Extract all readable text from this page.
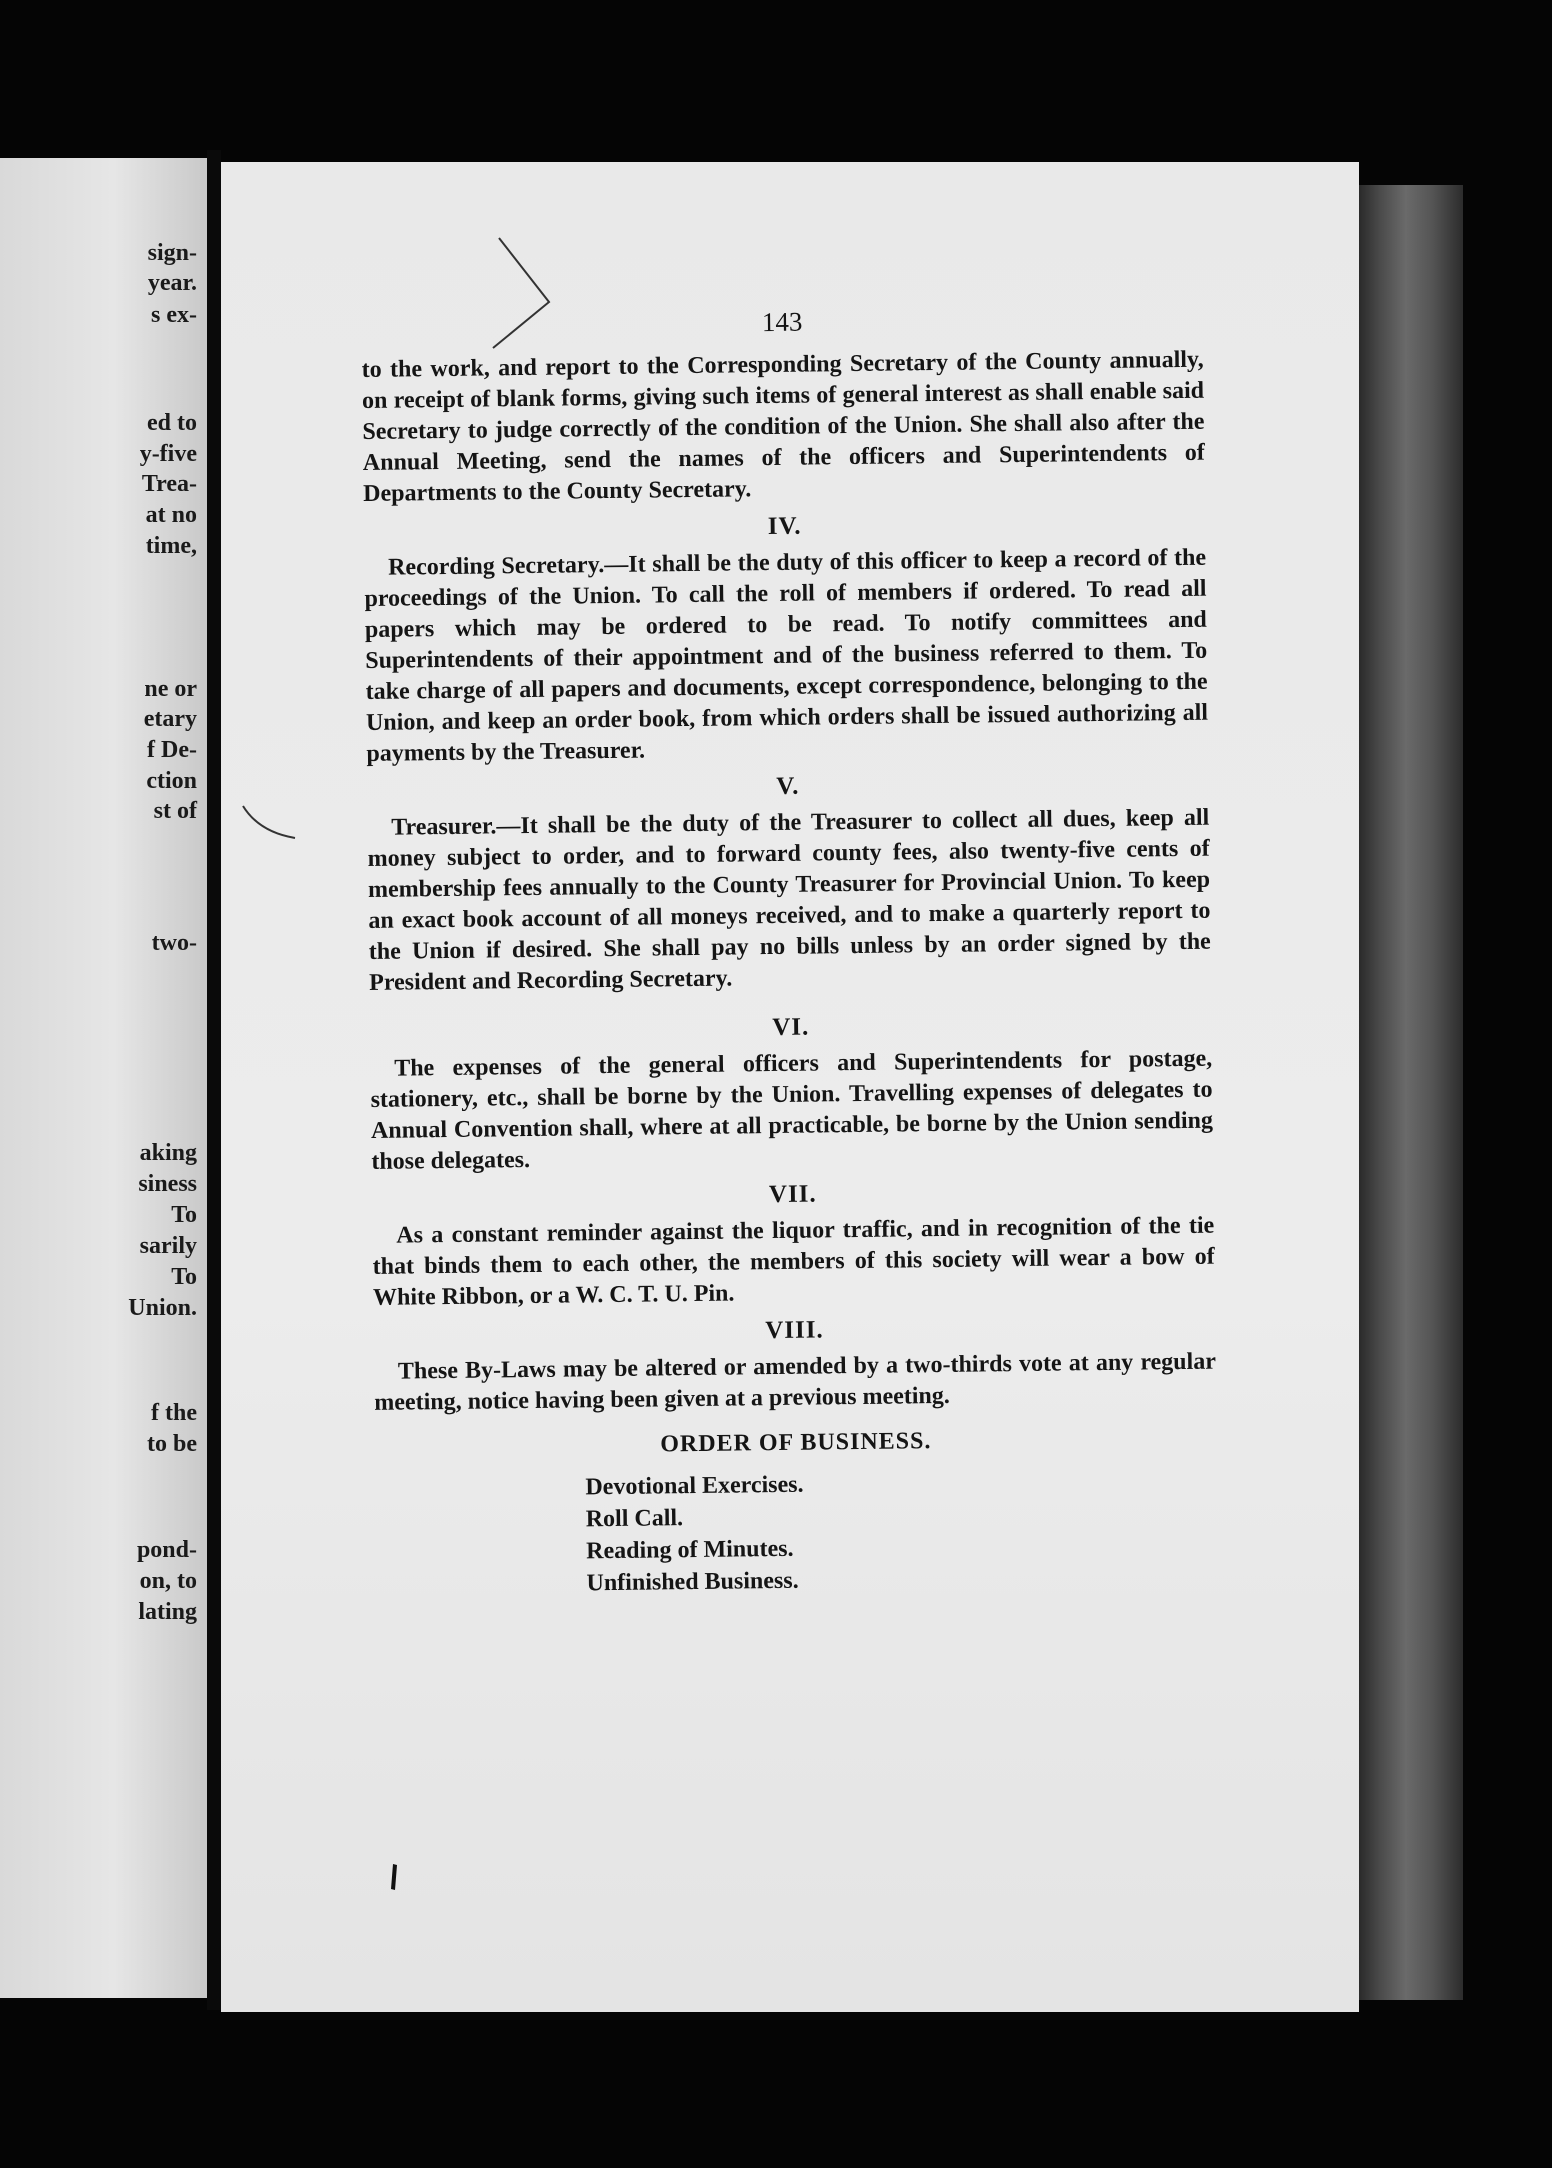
sign-
year.
s ex-
ed to
y-five
Trea-
at no
time,
ne or
etary
f De-
ction
st of
two-
aking
siness
To
sarily
To
Union.
f the
to be
pond-
on, to
lating
143

to the work, and report to the Corresponding Secretary of the County annually, on receipt of blank forms, giving such items of general interest as shall enable said Secretary to judge correctly of the condition of the Union. She shall also after the Annual Meeting, send the names of the officers and Superintendents of Departments to the County Secretary.

IV.

Recording Secretary.—It shall be the duty of this officer to keep a record of the proceedings of the Union. To call the roll of members if ordered. To read all papers which may be ordered to be read. To notify committees and Superintendents of their appointment and of the business referred to them. To take charge of all papers and documents, except correspondence, belonging to the Union, and keep an order book, from which orders shall be issued authorizing all payments by the Treasurer.

V.

Treasurer.—It shall be the duty of the Treasurer to collect all dues, keep all money subject to order, and to forward county fees, also twenty-five cents of membership fees annually to the County Treasurer for Provincial Union. To keep an exact book account of all moneys received, and to make a quarterly report to the Union if desired. She shall pay no bills unless by an order signed by the President and Recording Secretary.

VI.

The expenses of the general officers and Superintendents for postage, stationery, etc., shall be borne by the Union. Travelling expenses of delegates to Annual Convention shall, where at all practicable, be borne by the Union sending those delegates.

VII.

As a constant reminder against the liquor traffic, and in recognition of the tie that binds them to each other, the members of this society will wear a bow of White Ribbon, or a W. C. T. U. Pin.

VIII.

These By-Laws may be altered or amended by a two-thirds vote at any regular meeting, notice having been given at a previous meeting.

ORDER OF BUSINESS.
Devotional Exercises.
Roll Call.
Reading of Minutes.
Unfinished Business.
